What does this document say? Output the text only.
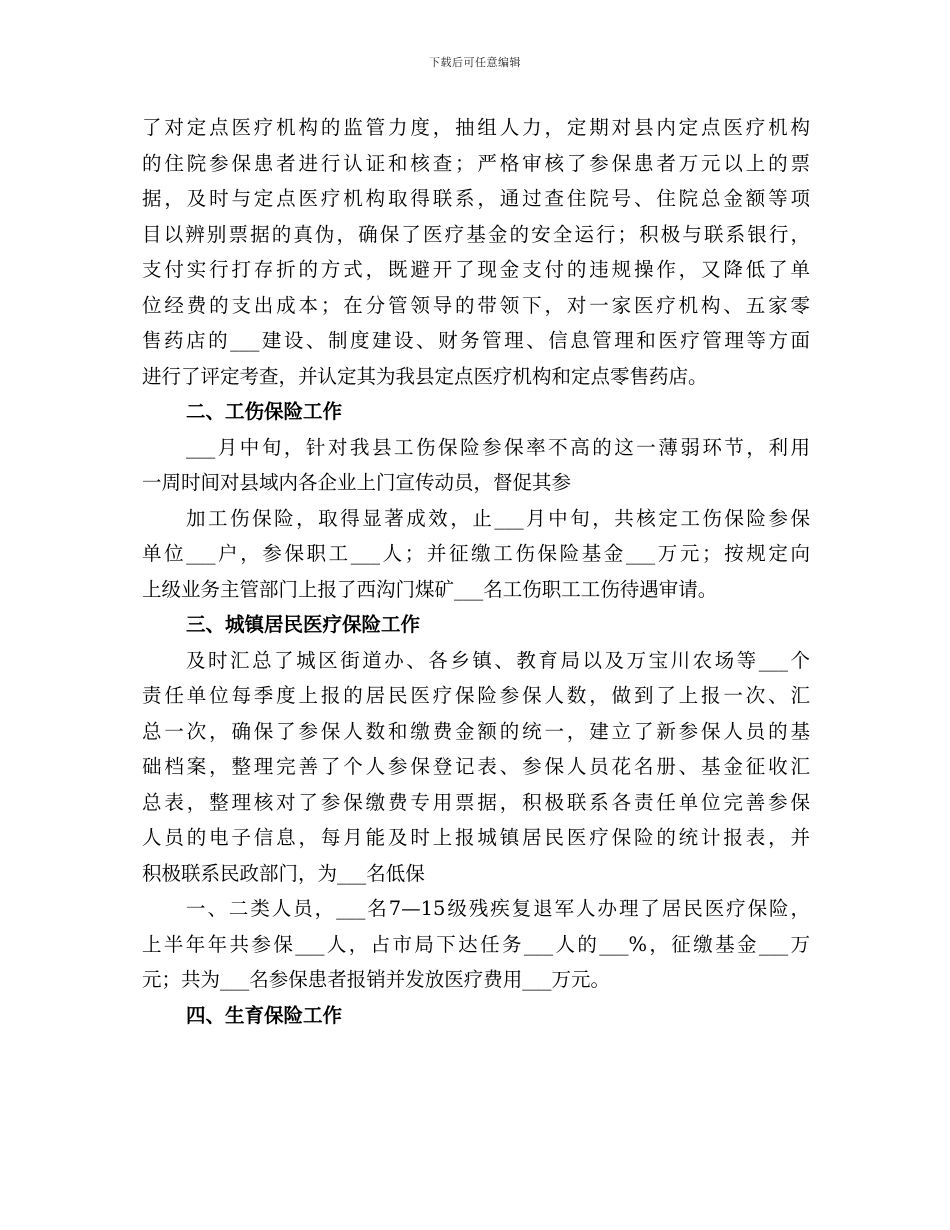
下载后可任意编辑
了对定点医疗机构的监管力度，抽组人力，定期对县内定点医疗机构
的住院参保患者进行认证和核查；严格审核了参保患者万元以上的票
据，及时与定点医疗机构取得联系，通过查住院号、住院总金额等项
目以辨别票据的真伪，确保了医疗基金的安全运行；积极与联系银行，
支付实行打存折的方式，既避开了现金支付的违规操作，又降低了单
位经费的支出成本；在分管领导的带领下，对一家医疗机构、五家零
售药店的___建设、制度建设、财务管理、信息管理和医疗管理等方面
进行了评定考查，并认定其为我县定点医疗机构和定点零售药店。
二、工伤保险工作
___月中旬，针对我县工伤保险参保率不高的这一薄弱环节，利用
一周时间对县域内各企业上门宣传动员，督促其参
加工伤保险，取得显著成效，止___月中旬，共核定工伤保险参保
单位___户，参保职工___人；并征缴工伤保险基金___万元；按规定向
上级业务主管部门上报了西沟门煤矿___名工伤职工工伤待遇审请。
三、城镇居民医疗保险工作
及时汇总了城区街道办、各乡镇、教育局以及万宝川农场等___个
责任单位每季度上报的居民医疗保险参保人数，做到了上报一次、汇
总一次，确保了参保人数和缴费金额的统一，建立了新参保人员的基
础档案，整理完善了个人参保登记表、参保人员花名册、基金征收汇
总表，整理核对了参保缴费专用票据，积极联系各责任单位完善参保
人员的电子信息，每月能及时上报城镇居民医疗保险的统计报表，并
积极联系民政部门，为___名低保
一、二类人员，___名7—15级残疾复退军人办理了居民医疗保险，
上半年年共参保___人，占市局下达任务___人的___%，征缴基金___万
元；共为___名参保患者报销并发放医疗费用___万元。
四、生育保险工作
